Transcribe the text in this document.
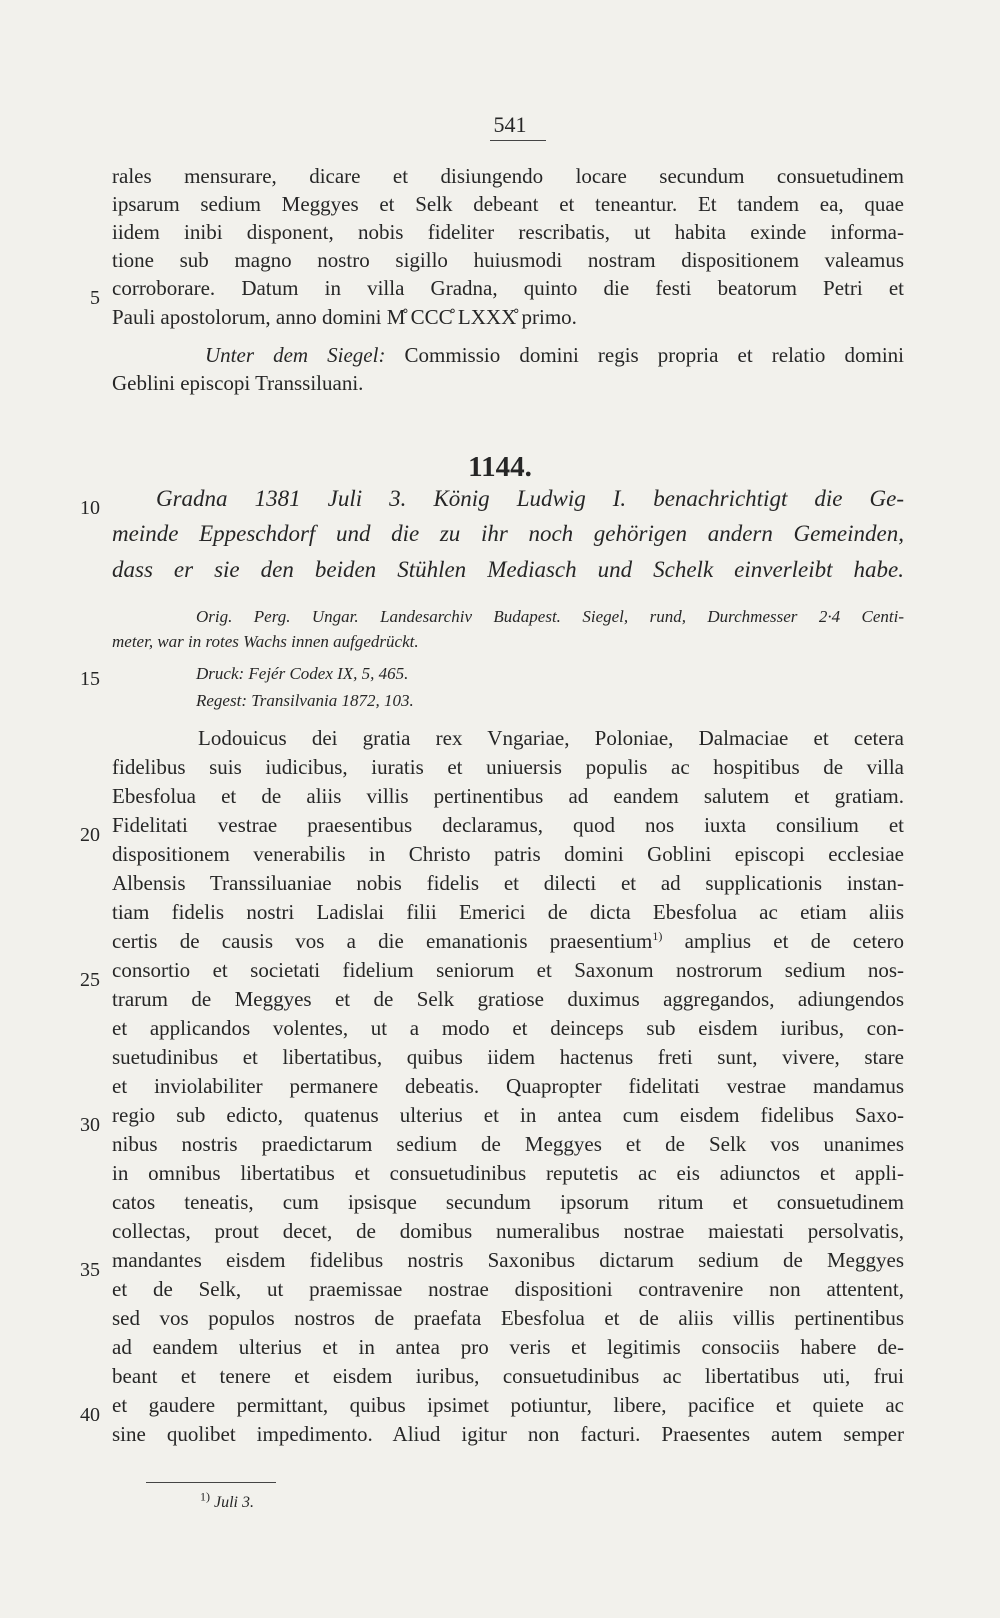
541
rales mensurare, dicare et disiungendo locare secundum consuetudinem
ipsarum sedium Meggyes et Selk debeant et teneantur. Et tandem ea, quae
iidem inibi disponent, nobis fideliter rescribatis, ut habita exinde informa-
tione sub magno nostro sigillo huiusmodi nostram dispositionem valeamus
corroborare. Datum in villa Gradna, quinto die festi beatorum Petri et
Pauli apostolorum, anno domini M̊ CCC̊ LXXX̊ primo.
Unter dem Siegel: Commissio domini regis propria et relatio domini
Geblini episcopi Transsiluani.
1144.
Gradna 1381 Juli 3. König Ludwig I. benachrichtigt die Ge-
meinde Eppeschdorf und die zu ihr noch gehörigen andern Gemeinden,
dass er sie den beiden Stühlen Mediasch und Schelk einverleibt habe.
Orig. Perg. Ungar. Landesarchiv Budapest. Siegel, rund, Durchmesser 2·4 Centi-
meter, war in rotes Wachs innen aufgedrückt.
Druck: Fejér Codex IX, 5, 465.
Regest: Transilvania 1872, 103.
Lodouicus dei gratia rex Vngariae, Poloniae, Dalmaciae et cetera
fidelibus suis iudicibus, iuratis et uniuersis populis ac hospitibus de villa
Ebesfolua et de aliis villis pertinentibus ad eandem salutem et gratiam.
Fidelitati vestrae praesentibus declaramus, quod nos iuxta consilium et
dispositionem venerabilis in Christo patris domini Goblini episcopi ecclesiae
Albensis Transsiluaniae nobis fidelis et dilecti et ad supplicationis instan-
tiam fidelis nostri Ladislai filii Emerici de dicta Ebesfolua ac etiam aliis
certis de causis vos a die emanationis praesentium$^{1)}$ amplius et de cetero
consortio et societati fidelium seniorum et Saxonum nostrorum sedium nos-
trarum de Meggyes et de Selk gratiose duximus aggregandos, adiungendos
et applicandos volentes, ut a modo et deinceps sub eisdem iuribus, con-
suetudinibus et libertatibus, quibus iidem hactenus freti sunt, vivere, stare
et inviolabiliter permanere debeatis. Quapropter fidelitati vestrae mandamus
regio sub edicto, quatenus ulterius et in antea cum eisdem fidelibus Saxo-
nibus nostris praedictarum sedium de Meggyes et de Selk vos unanimes
in omnibus libertatibus et consuetudinibus reputetis ac eis adiunctos et appli-
catos teneatis, cum ipsisque secundum ipsorum ritum et consuetudinem
collectas, prout decet, de domibus numeralibus nostrae maiestati persolvatis,
mandantes eisdem fidelibus nostris Saxonibus dictarum sedium de Meggyes
et de Selk, ut praemissae nostrae dispositioni contravenire non attentent,
sed vos populos nostros de praefata Ebesfolua et de aliis villis pertinentibus
ad eandem ulterius et in antea pro veris et legitimis consociis habere de-
beant et tenere et eisdem iuribus, consuetudinibus ac libertatibus uti, frui
et gaudere permittant, quibus ipsimet potiuntur, libere, pacifice et quiete ac
sine quolibet impedimento. Aliud igitur non facturi. Praesentes autem semper
5
10
15
20
25
30
35
40
$^{1)}$ Juli 3.
